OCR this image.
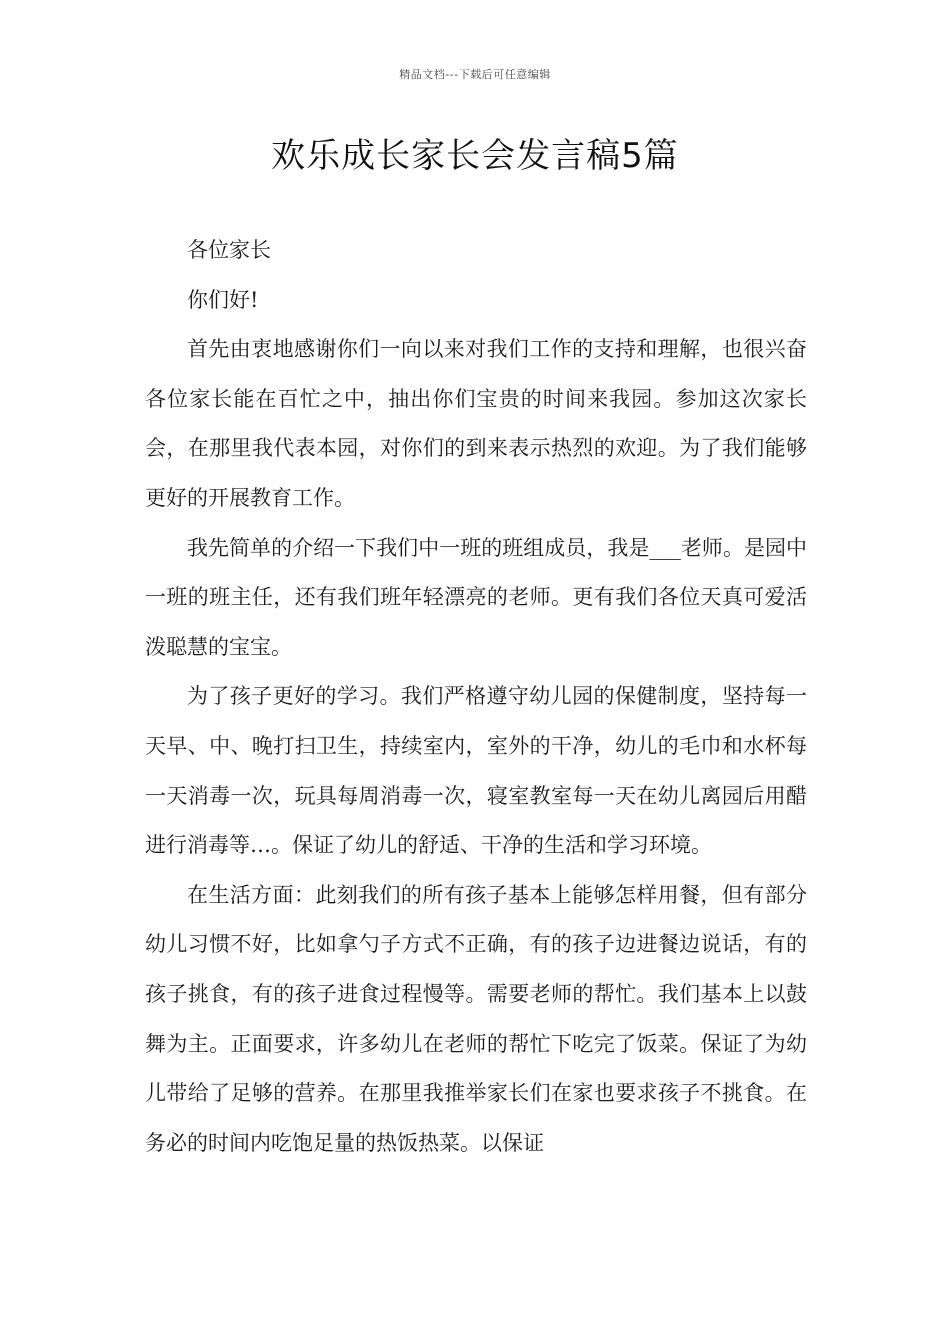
精品文档---下载后可任意编辑
欢乐成长家长会发言稿5篇

各位家长

你们好!

首先由衷地感谢你们一向以来对我们工作的支持和理解，也很兴奋各位家长能在百忙之中，抽出你们宝贵的时间来我园。参加这次家长会，在那里我代表本园，对你们的到来表示热烈的欢迎。为了我们能够更好的开展教育工作。

我先简单的介绍一下我们中一班的班组成员，我是___老师。是园中一班的班主任，还有我们班年轻漂亮的老师。更有我们各位天真可爱活泼聪慧的宝宝。

为了孩子更好的学习。我们严格遵守幼儿园的保健制度，坚持每一天早、中、晚打扫卫生，持续室内，室外的干净，幼儿的毛巾和水杯每一天消毒一次，玩具每周消毒一次，寝室教室每一天在幼儿离园后用醋进行消毒等…。保证了幼儿的舒适、干净的生活和学习环境。

在生活方面：此刻我们的所有孩子基本上能够怎样用餐，但有部分幼儿习惯不好，比如拿勺子方式不正确，有的孩子边进餐边说话，有的孩子挑食，有的孩子进食过程慢等。需要老师的帮忙。我们基本上以鼓舞为主。正面要求，许多幼儿在老师的帮忙下吃完了饭菜。保证了为幼儿带给了足够的营养。在那里我推举家长们在家也要求孩子不挑食。在务必的时间内吃饱足量的热饭热菜。以保证
